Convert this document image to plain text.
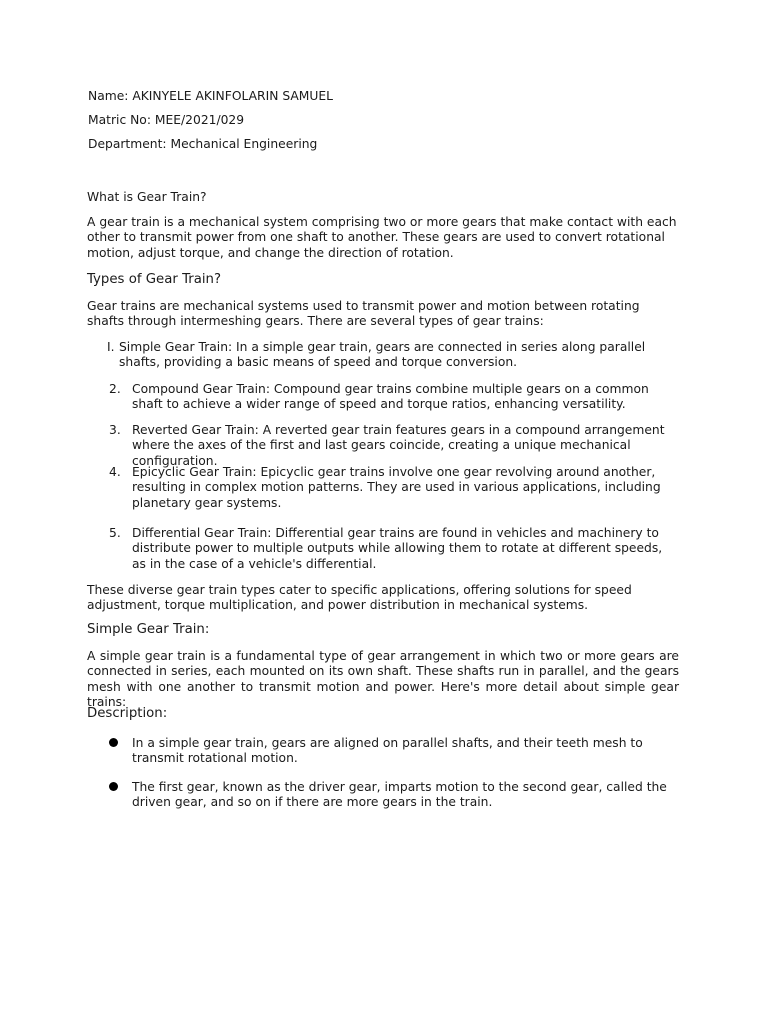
Name: AKINYELE AKINFOLARIN SAMUEL

Matric No: MEE/2021/029

Department: Mechanical Engineering

What is Gear Train?

A gear train is a mechanical system comprising two or more gears that make contact with each other to transmit power from one shaft to another. These gears are used to convert rotational motion, adjust torque, and change the direction of rotation.

Types of Gear Train?

Gear trains are mechanical systems used to transmit power and motion between rotating shafts through intermeshing gears. There are several types of gear trains:

I. Simple Gear Train: In a simple gear train, gears are connected in series along parallel shafts, providing a basic means of speed and torque conversion.

2. Compound Gear Train: Compound gear trains combine multiple gears on a common shaft to achieve a wider range of speed and torque ratios, enhancing versatility.

3. Reverted Gear Train: A reverted gear train features gears in a compound arrangement where the axes of the first and last gears coincide, creating a unique mechanical configuration.

4. Epicyclic Gear Train: Epicyclic gear trains involve one gear revolving around another, resulting in complex motion patterns. They are used in various applications, including planetary gear systems.

5. Differential Gear Train: Differential gear trains are found in vehicles and machinery to distribute power to multiple outputs while allowing them to rotate at different speeds, as in the case of a vehicle's differential.

These diverse gear train types cater to specific applications, offering solutions for speed adjustment, torque multiplication, and power distribution in mechanical systems.

Simple Gear Train:

A simple gear train is a fundamental type of gear arrangement in which two or more gears are connected in series, each mounted on its own shaft. These shafts run in parallel, and the gears mesh with one another to transmit motion and power. Here's more detail about simple gear trains:

Description:

In a simple gear train, gears are aligned on parallel shafts, and their teeth mesh to transmit rotational motion.

The first gear, known as the driver gear, imparts motion to the second gear, called the driven gear, and so on if there are more gears in the train.
